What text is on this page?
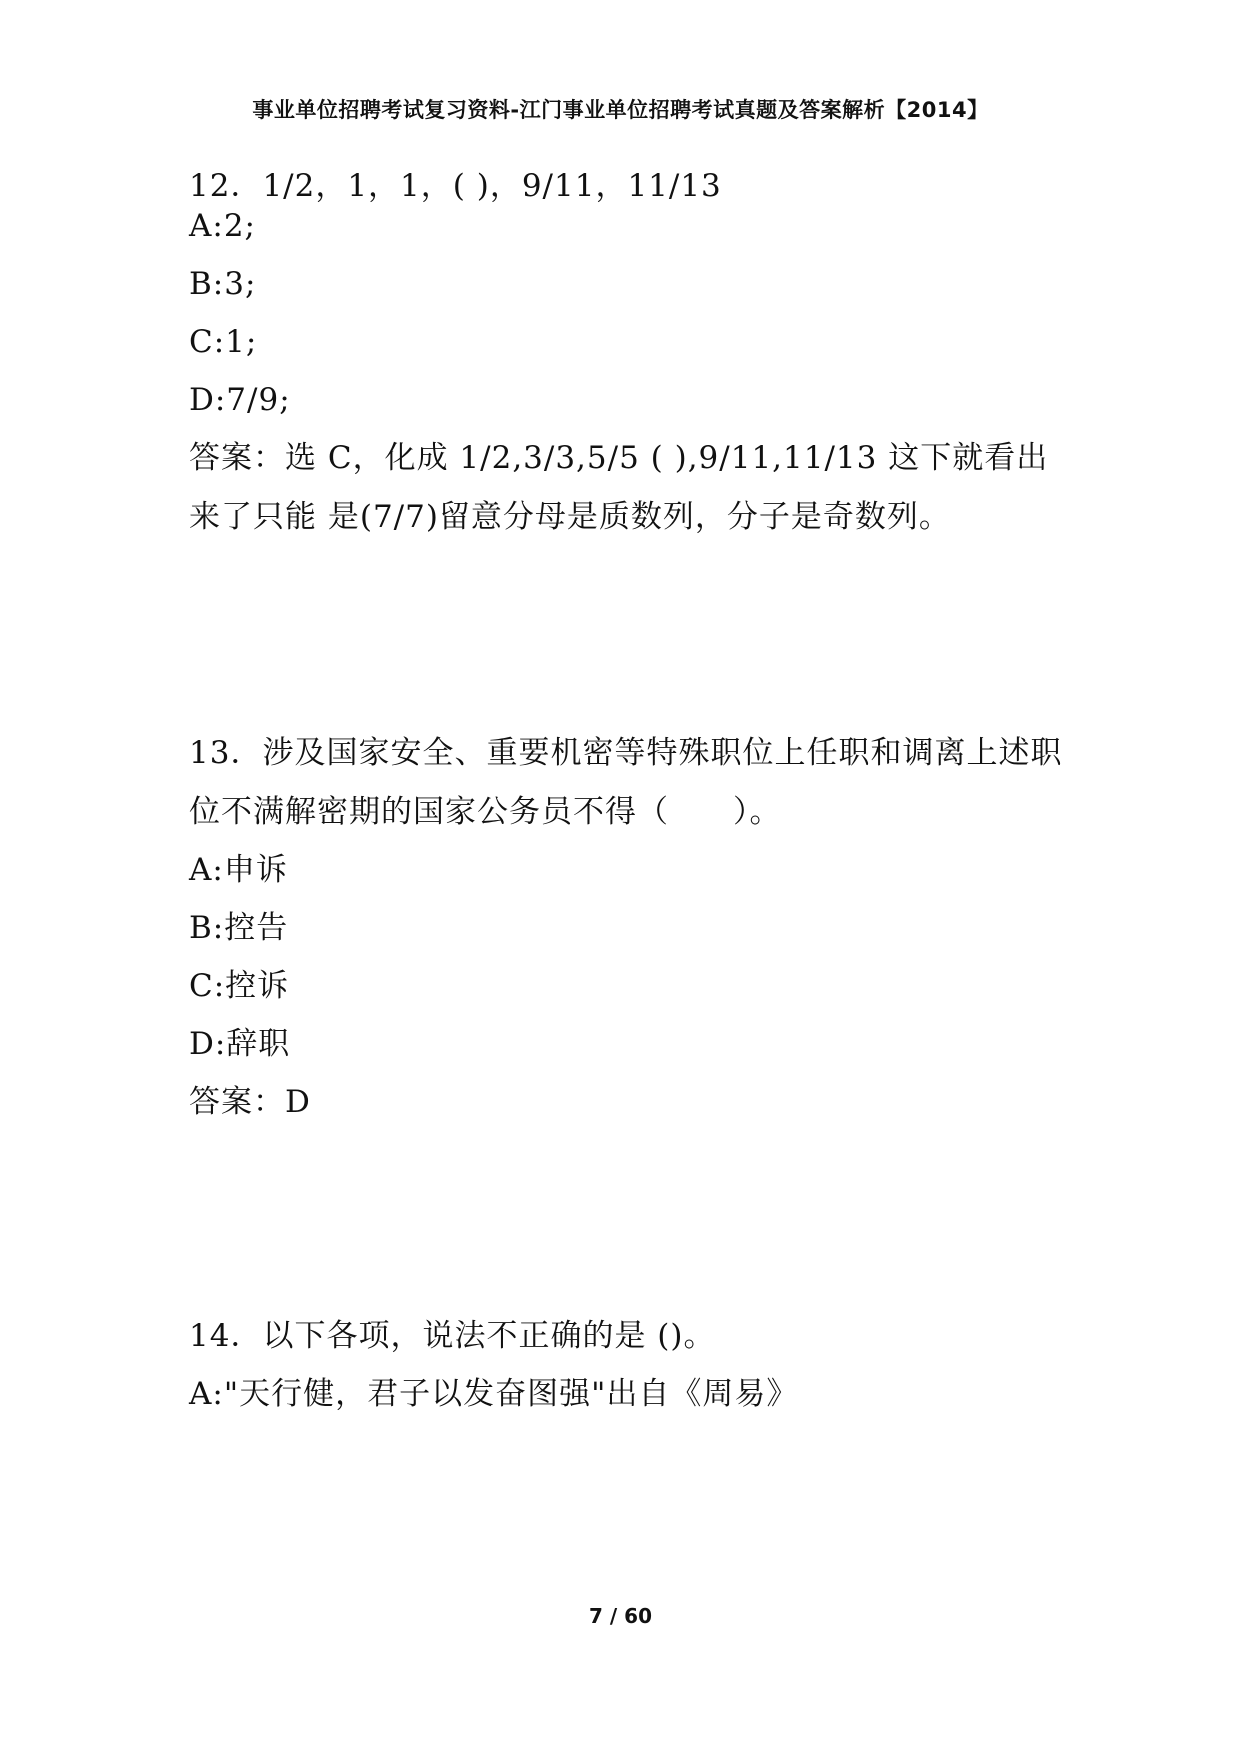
事业单位招聘考试复习资料-江门事业单位招聘考试真题及答案解析【2014】
12．1/2，1，1，( )，9/11，11/13
A:2;
B:3;
C:1;
D:7/9;
答案：选 C，化成 1/2,3/3,5/5 ( ),9/11,11/13 这下就看出
来了只能 是(7/7)留意分母是质数列，分子是奇数列。
13．涉及国家安全、重要机密等特殊职位上任职和调离上述职
位不满解密期的国家公务员不得（　　）。
A:申诉
B:控告
C:控诉
D:辞职
答案：D
14．以下各项，说法不正确的是 ()。
A:"天行健，君子以发奋图强"出自《周易》
7 / 60
